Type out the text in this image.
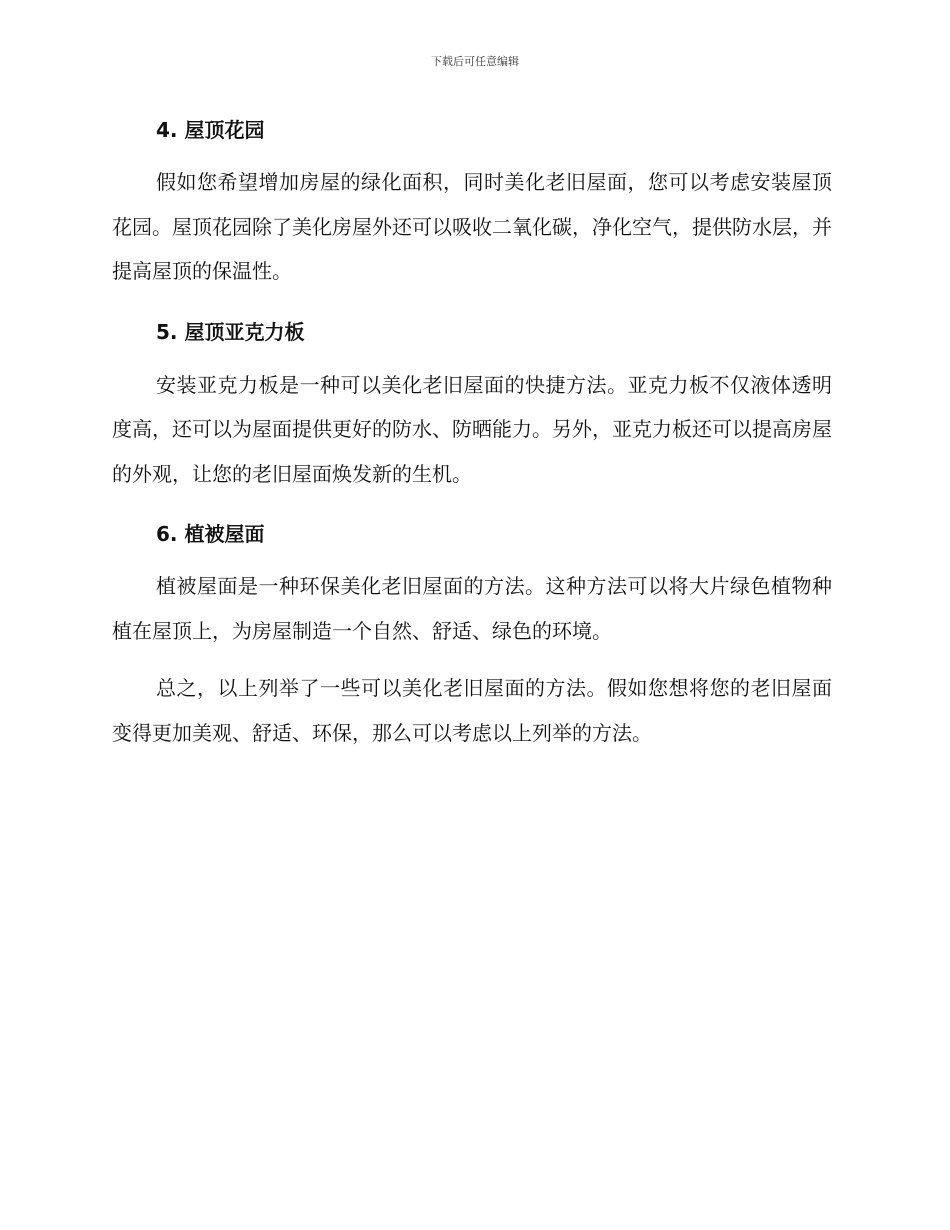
下载后可任意编辑
4. 屋顶花园

假如您希望增加房屋的绿化面积，同时美化老旧屋面，您可以考虑安装屋顶花园。屋顶花园除了美化房屋外还可以吸收二氧化碳，净化空气，提供防水层，并提高屋顶的保温性。

5. 屋顶亚克力板

安装亚克力板是一种可以美化老旧屋面的快捷方法。亚克力板不仅液体透明度高，还可以为屋面提供更好的防水、防晒能力。另外，亚克力板还可以提高房屋的外观，让您的老旧屋面焕发新的生机。

6. 植被屋面

植被屋面是一种环保美化老旧屋面的方法。这种方法可以将大片绿色植物种植在屋顶上，为房屋制造一个自然、舒适、绿色的环境。

总之，以上列举了一些可以美化老旧屋面的方法。假如您想将您的老旧屋面变得更加美观、舒适、环保，那么可以考虑以上列举的方法。
